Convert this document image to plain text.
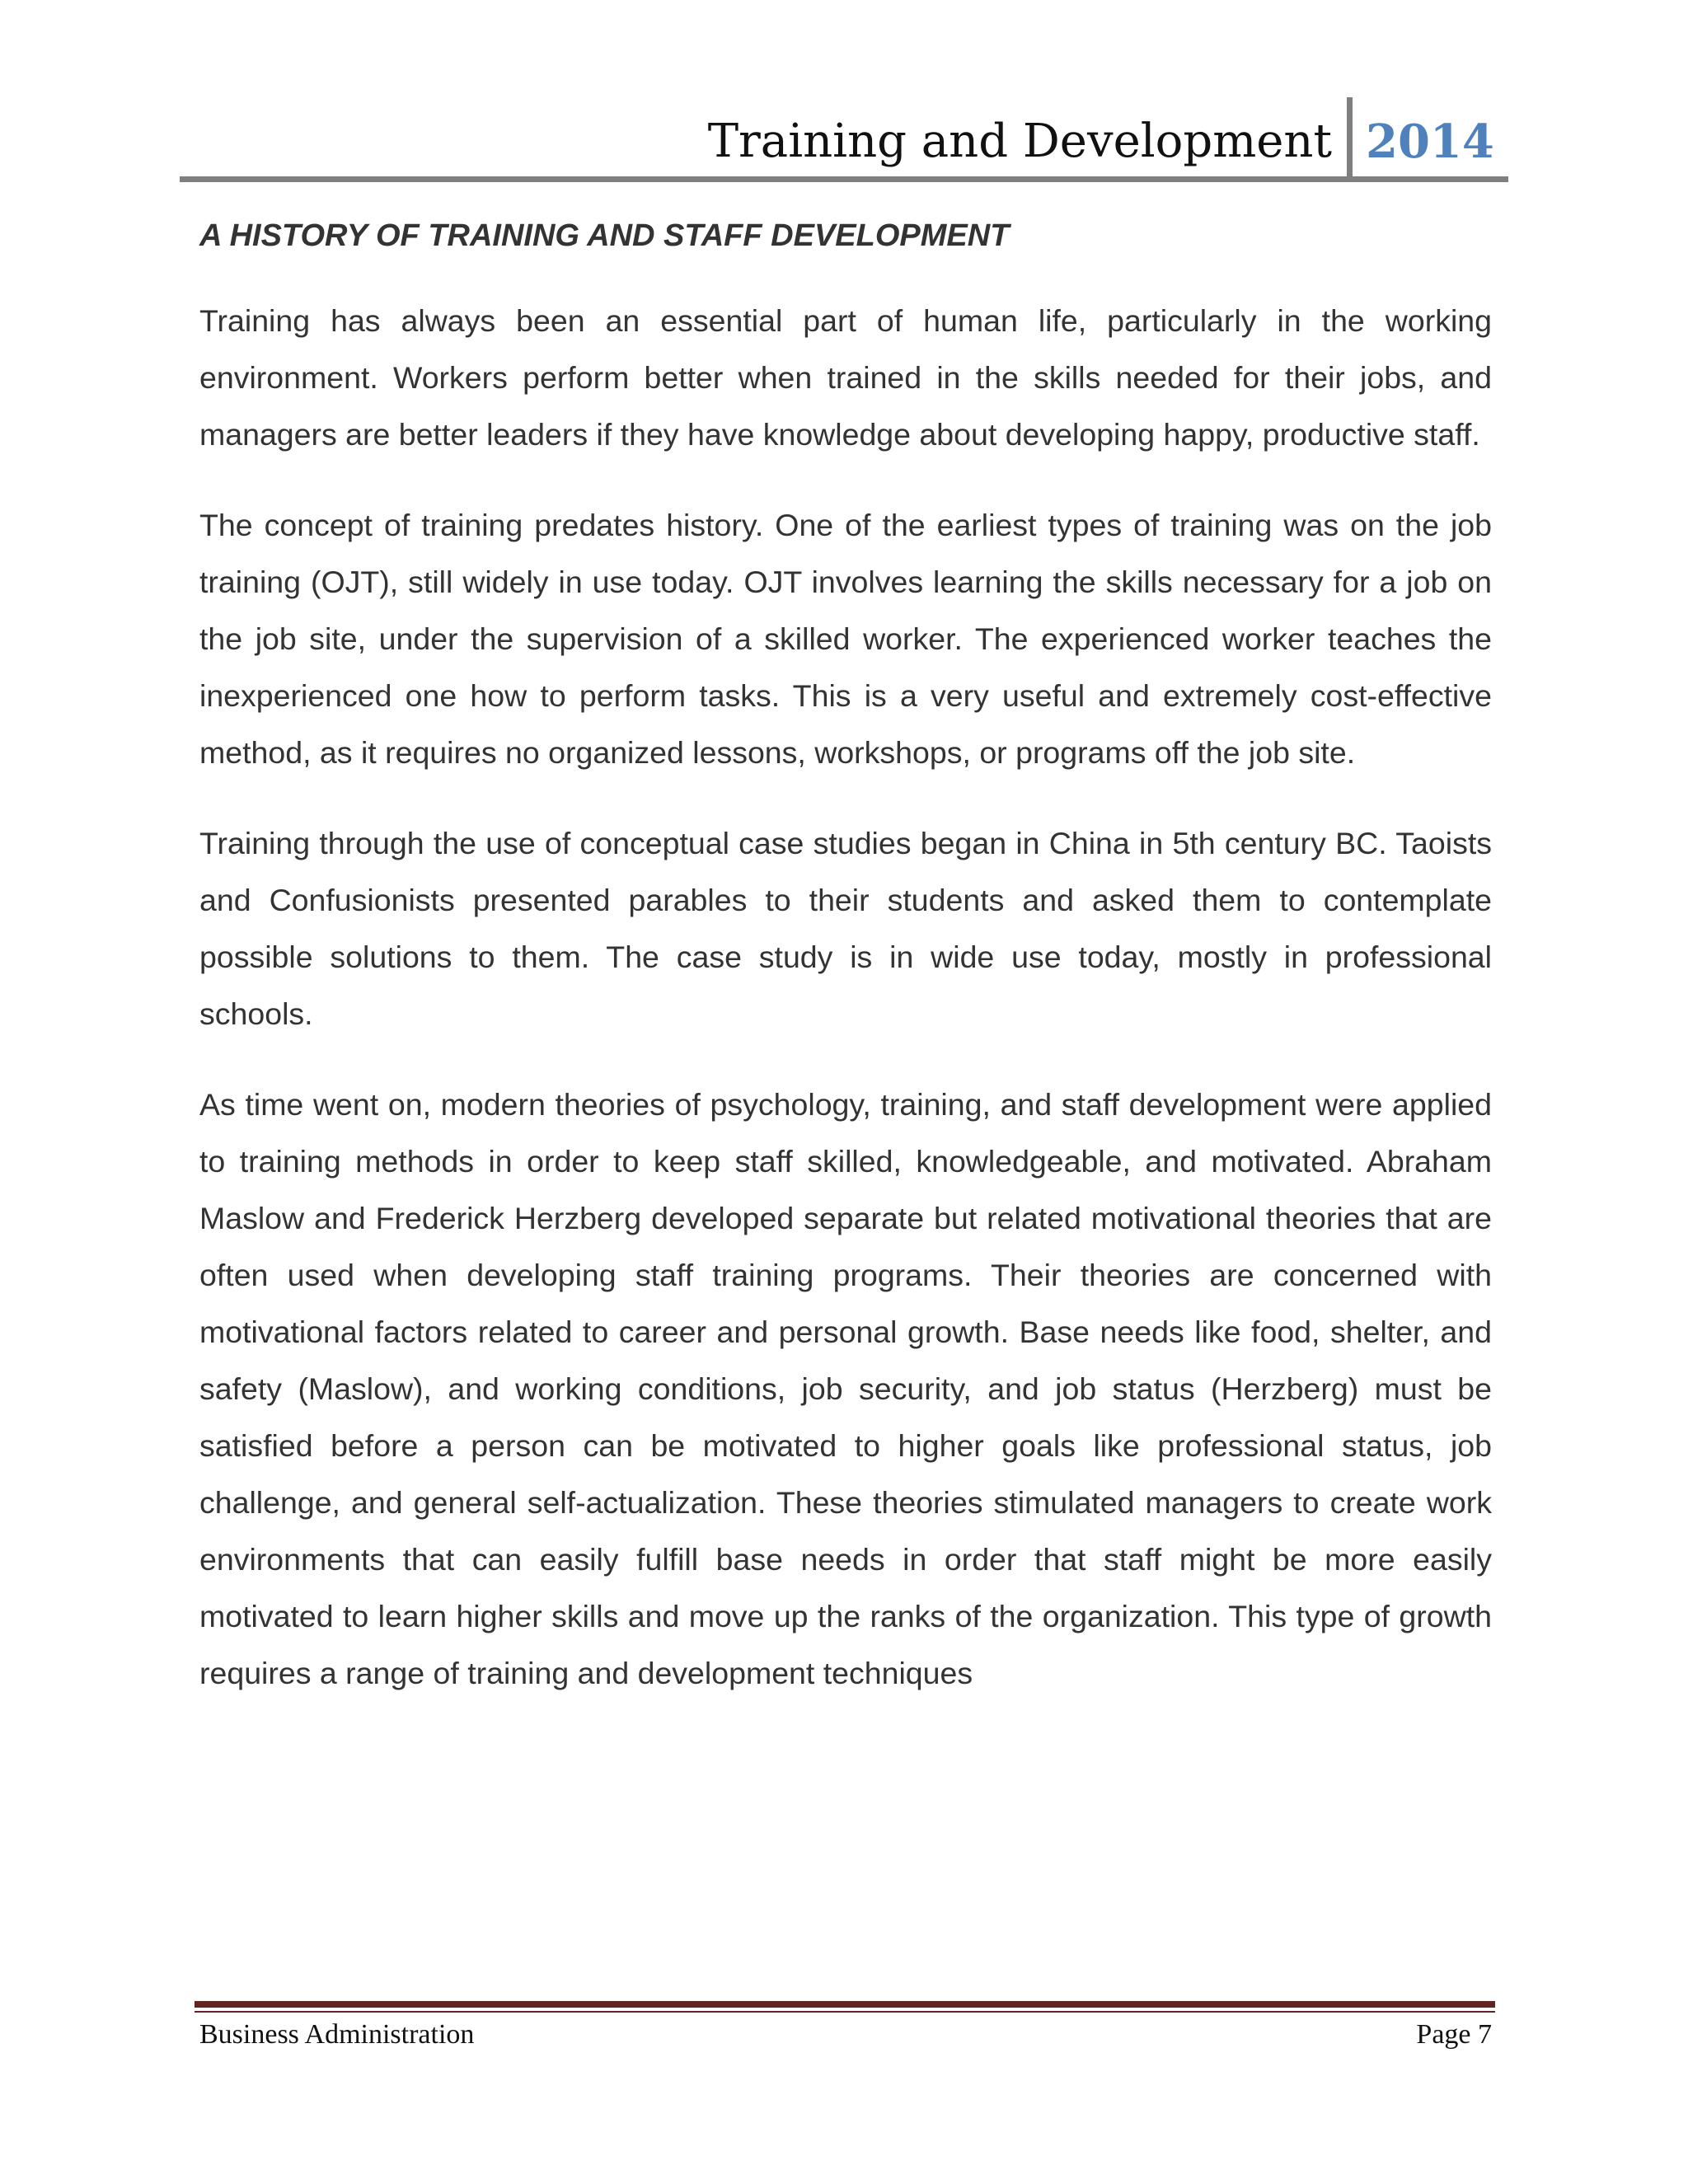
Training and Development 2014
A HISTORY OF TRAINING AND STAFF DEVELOPMENT

Training has always been an essential part of human life, particularly in the working environment. Workers perform better when trained in the skills needed for their jobs, and managers are better leaders if they have knowledge about developing happy, productive staff.

The concept of training predates history. One of the earliest types of training was on the job training (OJT), still widely in use today. OJT involves learning the skills necessary for a job on the job site, under the supervision of a skilled worker. The experienced worker teaches the inexperienced one how to perform tasks. This is a very useful and extremely cost-effective method, as it requires no organized lessons, workshops, or programs off the job site.

Training through the use of conceptual case studies began in China in 5th century BC. Taoists and Confusionists presented parables to their students and asked them to contemplate possible solutions to them. The case study is in wide use today, mostly in professional schools.

As time went on, modern theories of psychology, training, and staff development were applied to training methods in order to keep staff skilled, knowledgeable, and motivated. Abraham Maslow and Frederick Herzberg developed separate but related motivational theories that are often used when developing staff training programs. Their theories are concerned with motivational factors related to career and personal growth. Base needs like food, shelter, and safety (Maslow), and working conditions, job security, and job status (Herzberg) must be satisfied before a person can be motivated to higher goals like professional status, job challenge, and general self-actualization. These theories stimulated managers to create work environments that can easily fulfill base needs in order that staff might be more easily motivated to learn higher skills and move up the ranks of the organization. This type of growth requires a range of training and development techniques

Business Administration	Page 7
